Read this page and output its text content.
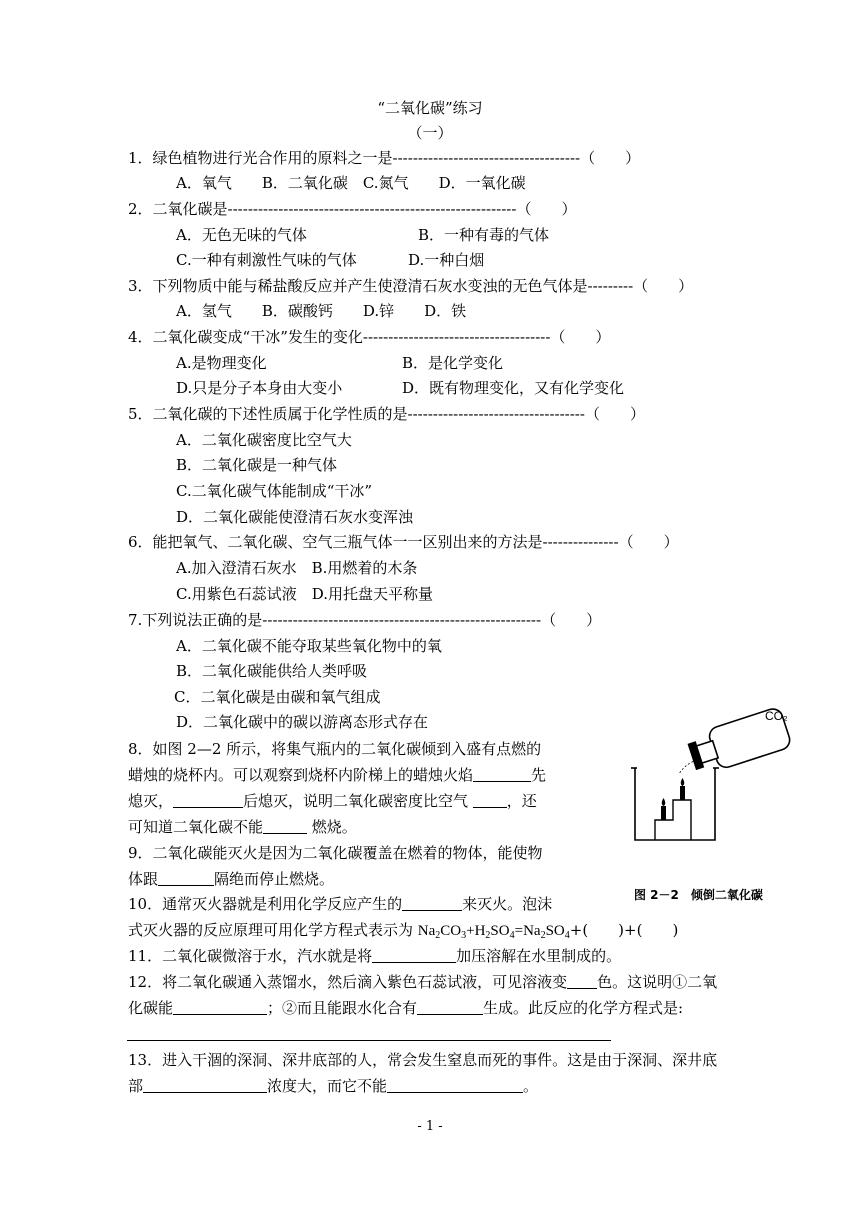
“二氧化碳”练习
（一）
1．绿色植物进行光合作用的原料之一是-------------------------------------（　　）
A．氧气　　B．二氧化碳　C.氮气　　D．一氧化碳
2．二氧化碳是---------------------------------------------------------（　　）
A．无色无味的气体	B．一种有毒的气体
C.一种有刺激性气味的气体	D.一种白烟
3．下列物质中能与稀盐酸反应并产生使澄清石灰水变浊的无色气体是---------（　　）
A．氢气　　B．碳酸钙　　D.锌　　D．铁
4．二氧化碳变成“干冰”发生的变化-------------------------------------（　　）
A.是物理变化	B．是化学变化
D.只是分子本身由大变小	D．既有物理变化，又有化学变化
5．二氧化碳的下述性质属于化学性质的是-----------------------------------（　　）
A．二氧化碳密度比空气大
B．二氧化碳是一种气体
C.二氧化碳气体能制成“干冰”
D．二氧化碳能使澄清石灰水变浑浊
6．能把氧气、二氧化碳、空气三瓶气体一一区别出来的方法是---------------（　　）
A.加入澄清石灰水　B.用燃着的木条
C.用紫色石蕊试液　D.用托盘天平称量
7.下列说法正确的是-------------------------------------------------------（　　）
A．二氧化碳不能夺取某些氧化物中的氧
B．二氧化碳能供给人类呼吸
C．二氧化碳是由碳和氧气组成
D．二氧化碳中的碳以游离态形式存在
8．如图 2—2 所示，将集气瓶内的二氧化碳倾到入盛有点燃的
蜡烛的烧杯内。可以观察到烧杯内阶梯上的蜡烛火焰	先
熄灭，	后熄灭，说明二氧化碳密度比空气 ，还
可知道二氧化碳不能	燃烧。
9．二氧化碳能灭火是因为二氧化碳覆盖在燃着的物体，能使物
体跟	隔绝而停止燃烧。
10．通常灭火器就是利用化学反应产生的	来灭火。泡沫
式灭火器的反应原理可用化学方程式表示为 $Na_2CO_3+H_2SO_4=Na_2SO_4+$(　　)+(　　)
11．二氧化碳微溶于水，汽水就是将	加压溶解在水里制成的。
12．将二氧化碳通入蒸馏水，然后滴入紫色石蕊试液，可见溶液变 色。这说明①二氧
化碳能	；②而且能跟水化合有	生成。此反应的化学方程式是:
13．进入干涸的深洞、深井底部的人，常会发生窒息而死的事件。这是由于深洞、深井底
部	浓度大，而它不能	。
CO₂
图 2－2　倾倒二氧化碳
- 1 -
